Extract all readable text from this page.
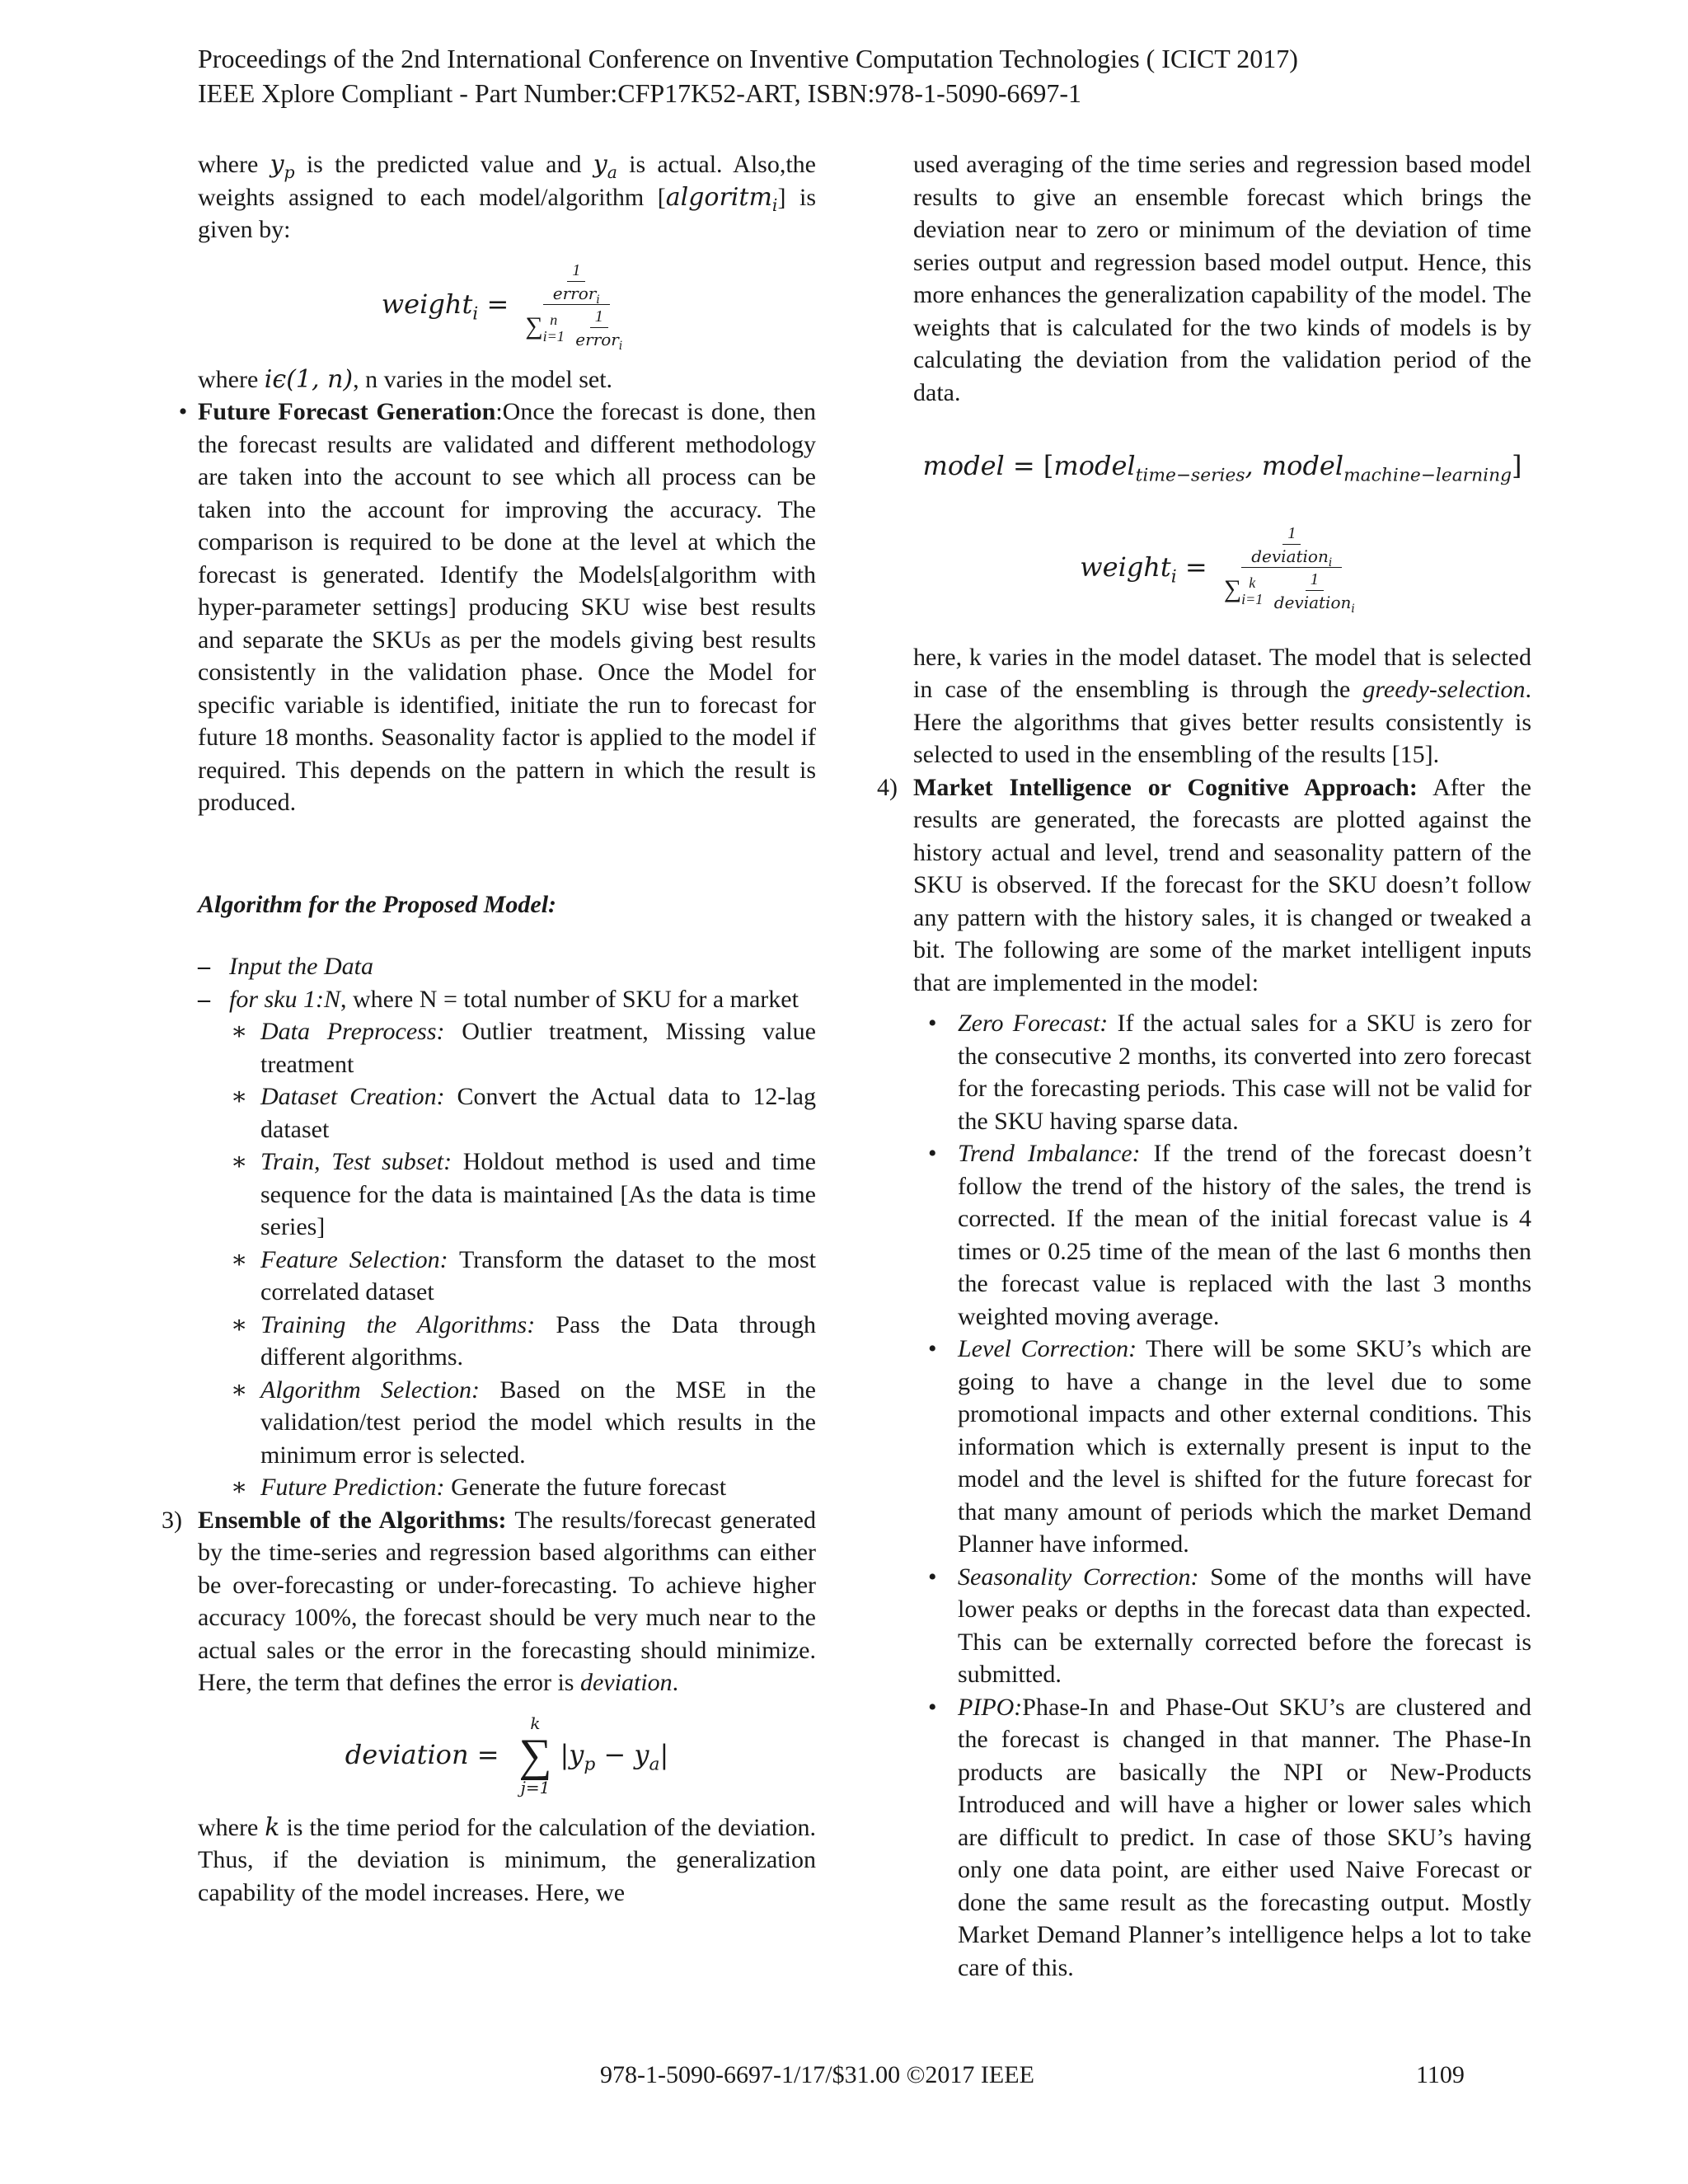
Proceedings of the 2nd International Conference on Inventive Computation Technologies ( ICICT 2017)
IEEE Xplore Compliant - Part Number:CFP17K52-ART, ISBN:978-1-5090-6697-1

where $y_p$ is the predicted value and $y_a$ is actual. Also,the weights assigned to each model/algorithm [algoritm$_i$] is given by:

weight$_i$ = $\frac{1}{error_i}$
∑ n
i=1
$\frac{1}{error_i}$

where iϵ(1, n), n varies in the model set.

• Future Forecast Generation:Once the forecast is done, then the forecast results are validated and different methodology are taken into the account to see which all process can be taken into the account for improving the accuracy. The comparison is required to be done at the level at which the forecast is generated. Identify the Models[algorithm with hyper-parameter settings] producing SKU wise best results and separate the SKUs as per the models giving best results consistently in the validation phase. Once the Model for specific variable is identified, initiate the run to forecast for future 18 months. Seasonality factor is applied to the model if required. This depends on the pattern in which the result is produced.

Algorithm for the Proposed Model:

– Input the Data

– for sku 1:N, where N = total number of SKU for a market

∗ Data Preprocess: Outlier treatment, Missing value treatment

∗ Dataset Creation: Convert the Actual data to 12-lag dataset

∗ Train, Test subset: Holdout method is used and time sequence for the data is maintained [As the data is time series]

∗ Feature Selection: Transform the dataset to the most correlated dataset

∗ Training the Algorithms: Pass the Data through different algorithms.

∗ Algorithm Selection: Based on the MSE in the validation/test period the model which results in the minimum error is selected.

∗ Future Prediction: Generate the future forecast

3) Ensemble of the Algorithms: The results/forecast generated by the time-series and regression based algorithms can either be over-forecasting or under-forecasting. To achieve higher accuracy 100%, the forecast should be very much near to the actual sales or the error in the forecasting should minimize. Here, the term that defines the error is deviation.

deviation =
k
∑
j=1
$|y_p - y_a|$

where k is the time period for the calculation of the deviation. Thus, if the deviation is minimum, the generalization capability of the model increases. Here, we

used averaging of the time series and regression based model results to give an ensemble forecast which brings the deviation near to zero or minimum of the deviation of time series output and regression based model output. Hence, this more enhances the generalization capability of the model. The weights that is calculated for the two kinds of models is by calculating the deviation from the validation period of the data.

model = [model$_{time-series}$, model$_{machine-learning}$]
weight$_i$ = $\frac{1}{deviation_i}$
∑ k
i=1
$\frac{1}{deviation_i}$

here, k varies in the model dataset. The model that is selected in case of the ensembling is through the greedy-selection. Here the algorithms that gives better results consistently is selected to used in the ensembling of the results [15].

4) Market Intelligence or Cognitive Approach: After the results are generated, the forecasts are plotted against the history actual and level, trend and seasonality pattern of the SKU is observed. If the forecast for the SKU doesn’t follow any pattern with the history sales, it is changed or tweaked a bit. The following are some of the market intelligent inputs that are implemented in the model:

• Zero Forecast: If the actual sales for a SKU is zero for the consecutive 2 months, its converted into zero forecast for the forecasting periods. This case will not be valid for the SKU having sparse data.

• Trend Imbalance: If the trend of the forecast doesn’t follow the trend of the history of the sales, the trend is corrected. If the mean of the initial forecast value is 4 times or 0.25 time of the mean of the last 6 months then the forecast value is replaced with the last 3 months weighted moving average.

• Level Correction: There will be some SKU’s which are going to have a change in the level due to some promotional impacts and other external conditions. This information which is externally present is input to the model and the level is shifted for the future forecast for that many amount of periods which the market Demand Planner have informed.

• Seasonality Correction: Some of the months will have lower peaks or depths in the forecast data than expected. This can be externally corrected before the forecast is submitted.

• PIPO:Phase-In and Phase-Out SKU’s are clustered and the forecast is changed in that manner. The Phase-In products are basically the NPI or New-Products Introduced and will have a higher or lower sales which are difficult to predict. In case of those SKU’s having only one data point, are either used Naive Forecast or done the same result as the forecasting output. Mostly Market Demand Planner’s intelligence helps a lot to take care of this.

978-1-5090-6697-1/17/$31.00 ©2017 IEEE	1109
